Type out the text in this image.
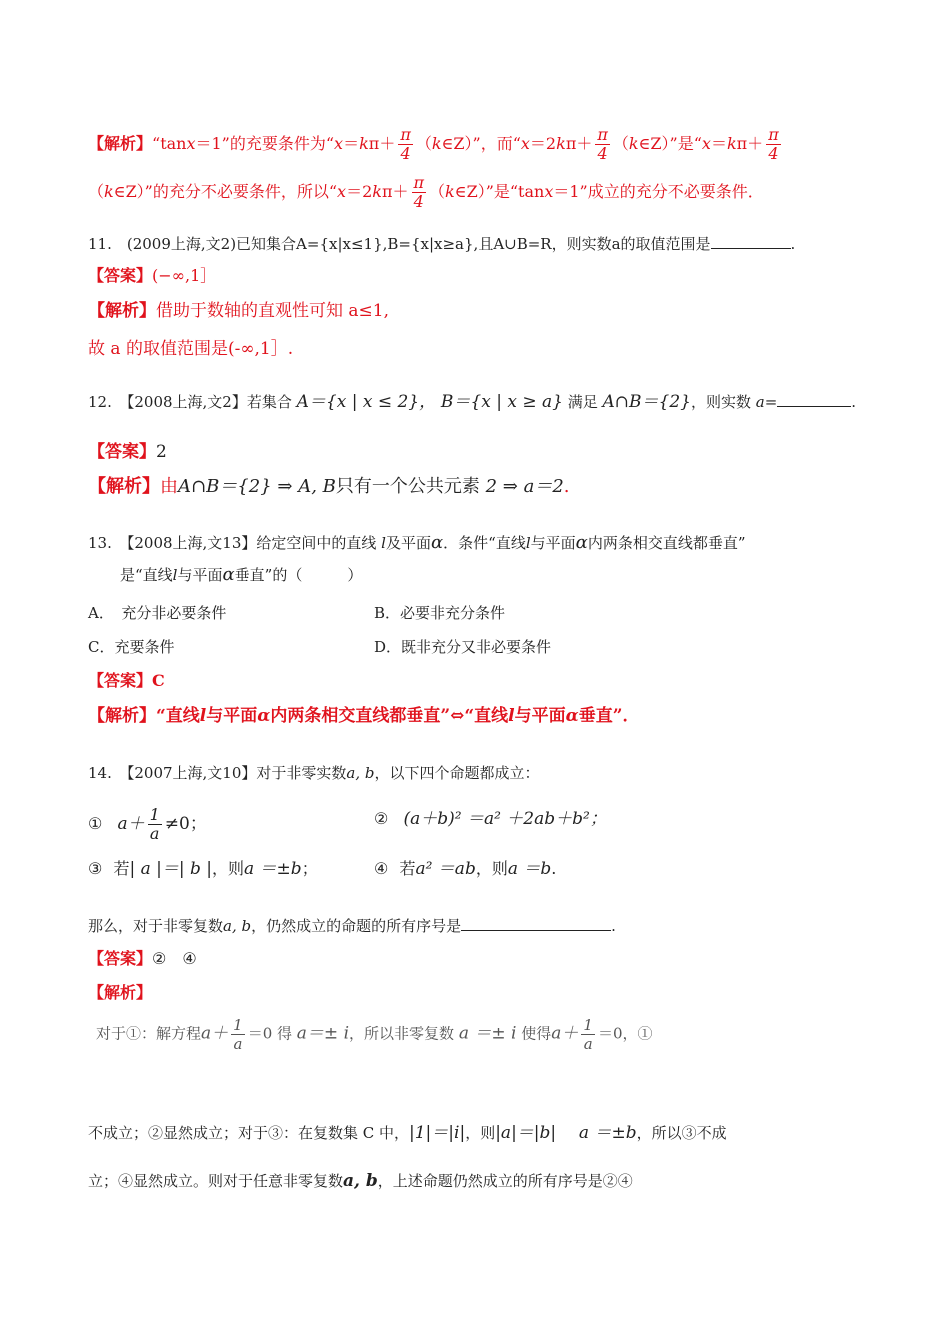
【解析】“tanx＝1”的充要条件为“$x=k\pi+ \frac{\pi}{4}$ （k∈Z）”，而“$x=2k\pi+ \frac{\pi}{4}$ （k∈Z）”是“$x=k\pi+ \frac{\pi}{4}$
（k∈Z）”的充分不必要条件，所以“$x=2k\pi+ \frac{\pi}{4}$ （k∈Z）”是“tanx＝1”成立的充分不必要条件．
11.　(2009上海,文2)已知集合A={x|x≤1},B={x|x≥a},且A∪B=R，则实数a的取值范围是	.
【答案】(−∞,1］
【解析】借助于数轴的直观性可知 a≤1,
故 a 的取值范围是(-∞,1］.
12.　【2008上海,文2】若集合 A＝{x | x ≤ 2}， B＝{x | x ≥ a} 满足 A∩B＝{2}，则实数 a=	.
【答案】2
【解析】由A∩B＝{2} ⇒ A, B只有一个公共元素 2 ⇒ a＝2.
13.　【2008上海,文13】给定空间中的直线 l及平面α．条件“直线l与平面α内两条相交直线都垂直”
是“直线l与平面α垂直”的（　　　）
A．　充分非必要条件	B．必要非充分条件
C．充要条件	D．既非充分又非必要条件
【答案】C
【解析】“直线l与平面α内两条相交直线都垂直”⇔“直线l与平面α垂直”．
14.　【2007上海,文10】对于非零实数a, b，以下四个命题都成立：
① $a+ \frac{1}{a} \ne 0$；	② (a＋b)² ＝a² ＋2ab＋b²；
③ 若| a |＝| b |，则a ＝±b；	④ 若a² ＝ab，则a ＝b.
那么，对于非零复数a, b，仍然成立的命题的所有序号是	.
【答案】②　④
【解析】
对于①：解方程$a+ \frac{1}{a} =0$ 得 a＝± i，所以非零复数 a ＝± i 使得$a+ \frac{1}{a} =0$，①
不成立；②显然成立；对于③：在复数集 C 中，|1|＝|i|，则|a|＝|b| a ＝±b，所以③不成
立；④显然成立。则对于任意非零复数a, b，上述命题仍然成立的所有序号是②④
